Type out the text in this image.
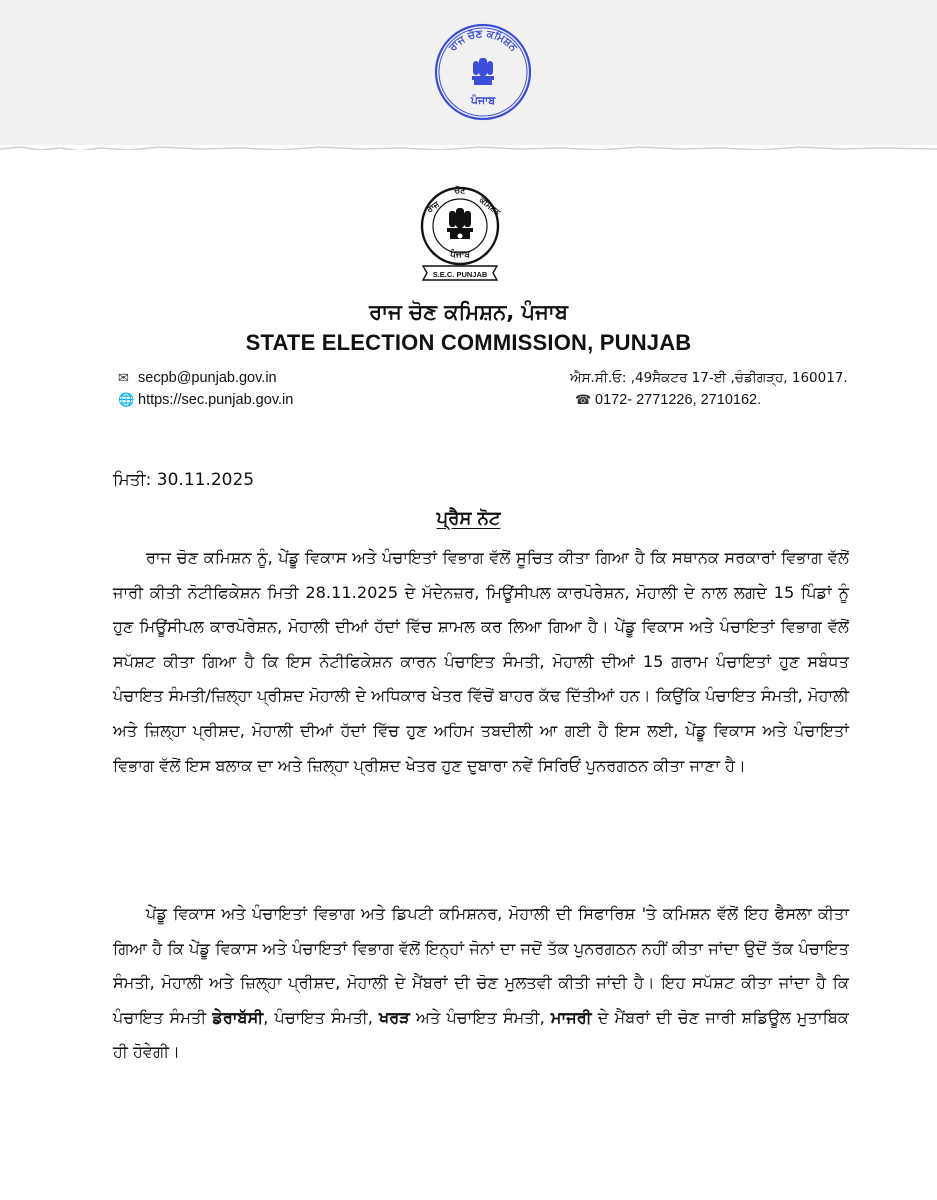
ਰਾਜ ਚੋਣ ਕਮਿਸ਼ਨ
ਪੰਜਾਬ
ਰਾਜ
ਚੋਣ
ਕਮਿਸ਼ਨ
ਪੰਜਾਬ
S.E.C. PUNJAB
ਰਾਜ ਚੋਣ ਕਮਿਸ਼ਨ, ਪੰਜਾਬ
STATE ELECTION COMMISSION, PUNJAB
✉ secpb@punjab.gov.in
🌐 https://sec.punjab.gov.in
ਐਸ.ਸੀ.ਓ: ,49ਸੈਕਟਰ 17-ਈ ,ਚੰਡੀਗੜ੍ਹ, 160017.
☎ 0172- 2771226, 2710162.
ਮਿਤੀ: 30.11.2025
ਪ੍ਰੈਸ ਨੋਟ

ਰਾਜ ਚੋਣ ਕਮਿਸ਼ਨ ਨੂੰ, ਪੇਂਡੂ ਵਿਕਾਸ ਅਤੇ ਪੰਚਾਇਤਾਂ ਵਿਭਾਗ ਵੱਲੋਂ ਸੂਚਿਤ ਕੀਤਾ ਗਿਆ ਹੈ ਕਿ ਸਥਾਨਕ ਸਰਕਾਰਾਂ ਵਿਭਾਗ ਵੱਲੋਂ ਜਾਰੀ ਕੀਤੀ ਨੋਟੀਫਿਕੇਸ਼ਨ ਮਿਤੀ 28.11.2025 ਦੇ ਮੱਦੇਨਜ਼ਰ, ਮਿਊਂਸੀਪਲ ਕਾਰਪੋਰੇਸ਼ਨ, ਮੋਹਾਲੀ ਦੇ ਨਾਲ ਲਗਦੇ 15 ਪਿੰਡਾਂ ਨੂੰ ਹੁਣ ਮਿਊਂਸੀਪਲ ਕਾਰਪੋਰੇਸ਼ਨ, ਮੋਹਾਲੀ ਦੀਆਂ ਹੱਦਾਂ ਵਿੱਚ ਸ਼ਾਮਲ ਕਰ ਲਿਆ ਗਿਆ ਹੈ। ਪੇਂਡੂ ਵਿਕਾਸ ਅਤੇ ਪੰਚਾਇਤਾਂ ਵਿਭਾਗ ਵੱਲੋਂ ਸਪੱਸ਼ਟ ਕੀਤਾ ਗਿਆ ਹੈ ਕਿ ਇਸ ਨੋਟੀਫਿਕੇਸ਼ਨ ਕਾਰਨ ਪੰਚਾਇਤ ਸੰਮਤੀ, ਮੋਹਾਲੀ ਦੀਆਂ 15 ਗਰਾਮ ਪੰਚਾਇਤਾਂ ਹੁਣ ਸਬੰਧਤ ਪੰਚਾਇਤ ਸੰਮਤੀ/ਜ਼ਿਲ੍ਹਾ ਪ੍ਰੀਸ਼ਦ ਮੋਹਾਲੀ ਦੇ ਅਧਿਕਾਰ ਖੇਤਰ ਵਿੱਚੋਂ ਬਾਹਰ ਕੱਢ ਦਿੱਤੀਆਂ ਹਨ। ਕਿਉਂਕਿ ਪੰਚਾਇਤ ਸੰਮਤੀ, ਮੋਹਾਲੀ ਅਤੇ ਜ਼ਿਲ੍ਹਾ ਪ੍ਰੀਸ਼ਦ, ਮੋਹਾਲੀ ਦੀਆਂ ਹੱਦਾਂ ਵਿੱਚ ਹੁਣ ਅਹਿਮ ਤਬਦੀਲੀ ਆ ਗਈ ਹੈ ਇਸ ਲਈ, ਪੇਂਡੂ ਵਿਕਾਸ ਅਤੇ ਪੰਚਾਇਤਾਂ ਵਿਭਾਗ ਵੱਲੋਂ ਇਸ ਬਲਾਕ ਦਾ ਅਤੇ ਜ਼ਿਲ੍ਹਾ ਪ੍ਰੀਸ਼ਦ ਖੇਤਰ ਹੁਣ ਦੁਬਾਰਾ ਨਵੇਂ ਸਿਰਿਓਂ ਪੁਨਰਗਠਨ ਕੀਤਾ ਜਾਣਾ ਹੈ।

ਪੇਂਡੂ ਵਿਕਾਸ ਅਤੇ ਪੰਚਾਇਤਾਂ ਵਿਭਾਗ ਅਤੇ ਡਿਪਟੀ ਕਮਿਸ਼ਨਰ, ਮੋਹਾਲੀ ਦੀ ਸਿਫਾਰਿਸ਼ 'ਤੇ ਕਮਿਸ਼ਨ ਵੱਲੋਂ ਇਹ ਫੈਸਲਾ ਕੀਤਾ ਗਿਆ ਹੈ ਕਿ ਪੇਂਡੂ ਵਿਕਾਸ ਅਤੇ ਪੰਚਾਇਤਾਂ ਵਿਭਾਗ ਵੱਲੋਂ ਇਨ੍ਹਾਂ ਜੋਨਾਂ ਦਾ ਜਦੋਂ ਤੱਕ ਪੁਨਰਗਠਨ ਨਹੀਂ ਕੀਤਾ ਜਾਂਦਾ ਉਦੋਂ ਤੱਕ ਪੰਚਾਇਤ ਸੰਮਤੀ, ਮੋਹਾਲੀ ਅਤੇ ਜ਼ਿਲ੍ਹਾ ਪ੍ਰੀਸ਼ਦ, ਮੋਹਾਲੀ ਦੇ ਮੈਂਬਰਾਂ ਦੀ ਚੋਣ ਮੁਲਤਵੀ ਕੀਤੀ ਜਾਂਦੀ ਹੈ। ਇਹ ਸਪੱਸ਼ਟ ਕੀਤਾ ਜਾਂਦਾ ਹੈ ਕਿ ਪੰਚਾਇਤ ਸੰਮਤੀ ਡੇਰਾਬੱਸੀ, ਪੰਚਾਇਤ ਸੰਮਤੀ, ਖਰੜ ਅਤੇ ਪੰਚਾਇਤ ਸੰਮਤੀ, ਮਾਜਰੀ ਦੇ ਮੈਂਬਰਾਂ ਦੀ ਚੋਣ ਜਾਰੀ ਸ਼ਡਿਊਲ ਮੁਤਾਬਿਕ ਹੀ ਹੋਵੇਗੀ।
